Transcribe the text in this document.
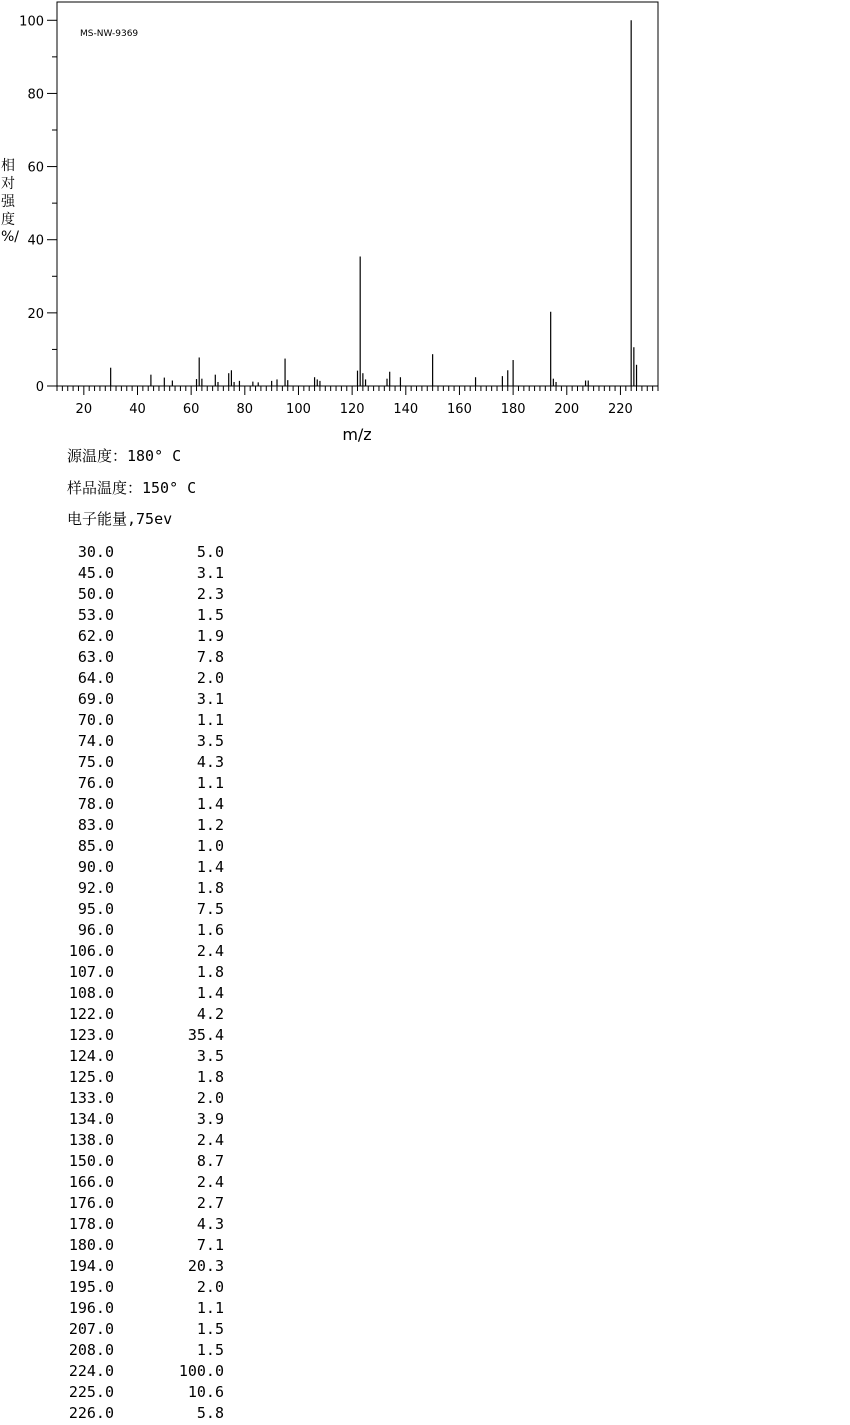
20	40	60	80	100 120 140 160 180 200 220
0
20
40
60
80
100
MS-NW-9369
m/z
相
对
强
度
%/
源温度：180° C
样品温度：150° C
电子能量,75ev
30.0	5.0
45.0	3.1
50.0	2.3
53.0	1.5
62.0	1.9
63.0	7.8
64.0	2.0
69.0	3.1
70.0	1.1
74.0	3.5
75.0	4.3
76.0	1.1
78.0	1.4
83.0	1.2
85.0	1.0
90.0	1.4
92.0	1.8
95.0	7.5
96.0	1.6
106.0	2.4
107.0	1.8
108.0	1.4
122.0	4.2
123.0	35.4
124.0	3.5
125.0	1.8
133.0	2.0
134.0	3.9
138.0	2.4
150.0	8.7
166.0	2.4
176.0	2.7
178.0	4.3
180.0	7.1
194.0	20.3
195.0	2.0
196.0	1.1
207.0	1.5
208.0	1.5
224.0	100.0
225.0	10.6
226.0	5.8
